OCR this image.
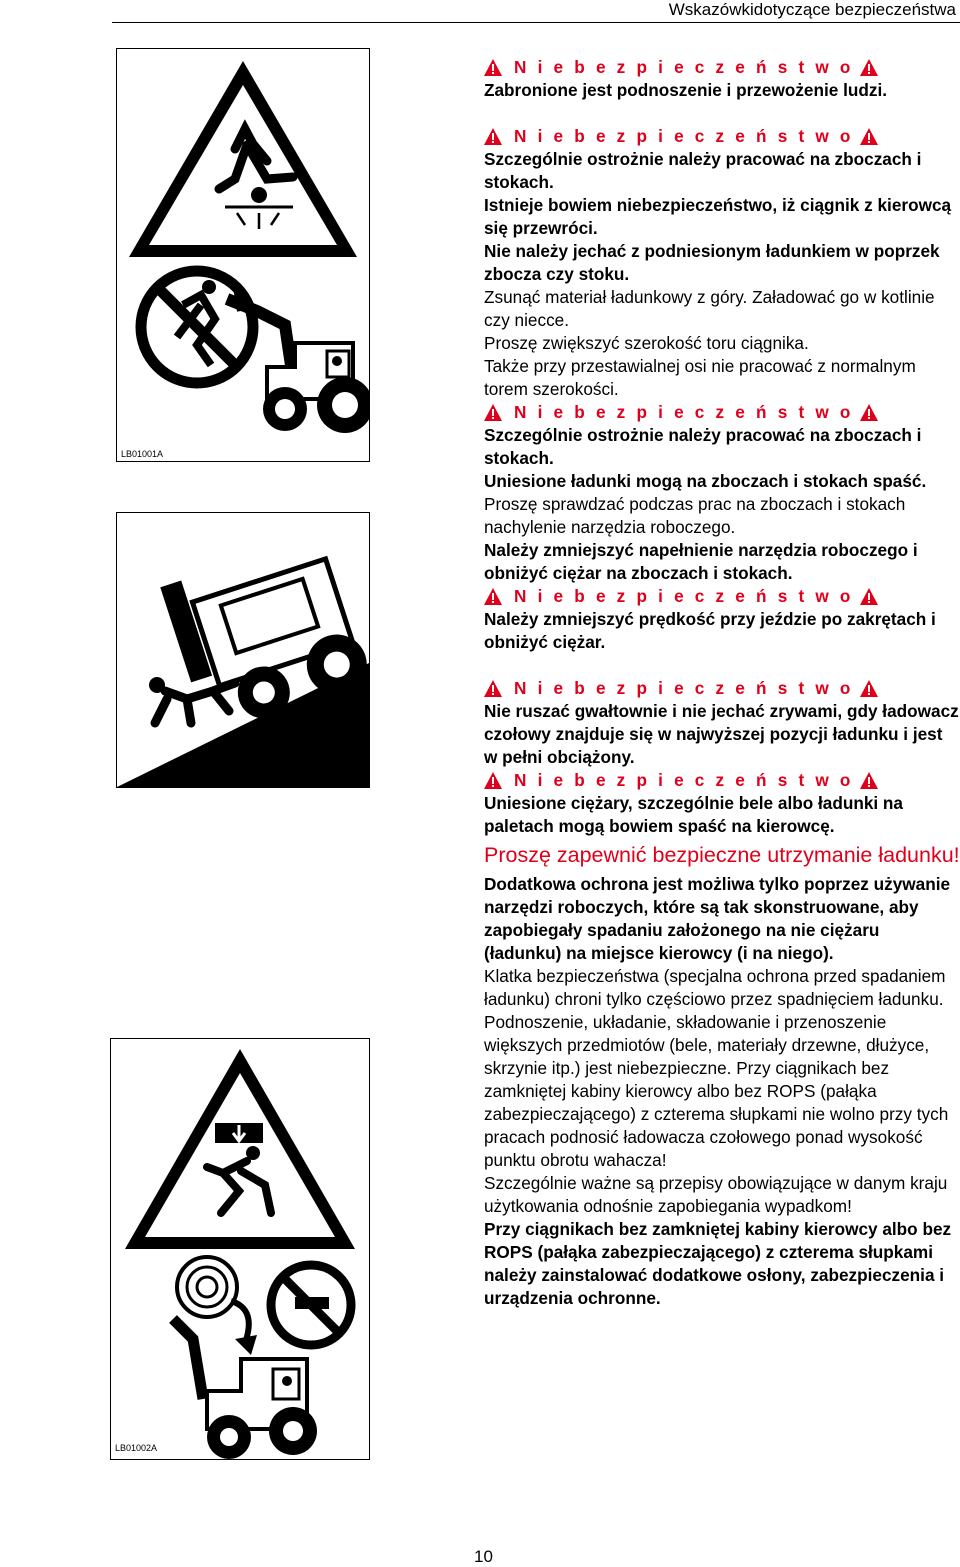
Wskazówkidotyczące bezpieczeństwa
LB01001A
LB01002A

N i e b e z p i e c z e ń s t w o

Zabronione jest podnoszenie i przewożenie ludzi.

N i e b e z p i e c z e ń s t w o

Szczególnie ostrożnie należy pracować na zboczach i stokach.

Istnieje bowiem niebezpieczeństwo, iż ciągnik z kierowcą się przewróci.

Nie należy jechać z podniesionym ładunkiem w poprzek zbocza czy stoku.

Zsunąć materiał ładunkowy z góry. Załadować go w kotlinie czy niecce.

Proszę zwiększyć szerokość toru ciągnika.

Także przy przestawialnej osi nie pracować z normalnym torem szerokości.

N i e b e z p i e c z e ń s t w o

Szczególnie ostrożnie należy pracować na zboczach i stokach.

Uniesione ładunki mogą na zboczach i stokach spaść.

Proszę sprawdzać podczas prac na zboczach i stokach nachylenie narzędzia roboczego.

Należy zmniejszyć napełnienie narzędzia roboczego i obniżyć ciężar na zboczach i stokach.

N i e b e z p i e c z e ń s t w o

Należy zmniejszyć prędkość przy jeździe po zakrętach i obniżyć ciężar.

N i e b e z p i e c z e ń s t w o

Nie ruszać gwałtownie i nie jechać zrywami, gdy ładowacz czołowy znajduje się w najwyższej pozycji ładunku i jest w pełni obciążony.

N i e b e z p i e c z e ń s t w o

Uniesione ciężary, szczególnie bele albo ładunki na paletach mogą bowiem spaść na kierowcę.

Proszę zapewnić bezpieczne utrzymanie ładunku!

Dodatkowa ochrona jest możliwa tylko poprzez używanie narzędzi roboczych, które są tak skonstruowane, aby zapobiegały spadaniu założonego na nie ciężaru (ładunku) na miejsce kierowcy (i na niego).

Klatka bezpieczeństwa (specjalna ochrona przed spadaniem ładunku) chroni tylko częściowo przez spadnięciem ładunku.

Podnoszenie, układanie, składowanie i przenoszenie większych przedmiotów (bele, materiały drzewne, dłużyce, skrzynie itp.) jest niebezpieczne. Przy ciągnikach bez zamkniętej kabiny kierowcy albo bez ROPS (pałąka zabezpieczającego) z czterema słupkami nie wolno przy tych pracach podnosić ładowacza czołowego ponad wysokość punktu obrotu wahacza!

Szczególnie ważne są przepisy obowiązujące w danym kraju użytkowania odnośnie zapobiegania wypadkom!

Przy ciągnikach bez zamkniętej kabiny kierowcy albo bez ROPS (pałąka zabezpieczającego) z czterema słupkami należy zainstalować dodatkowe osłony, zabezpieczenia i urządzenia ochronne.

10
